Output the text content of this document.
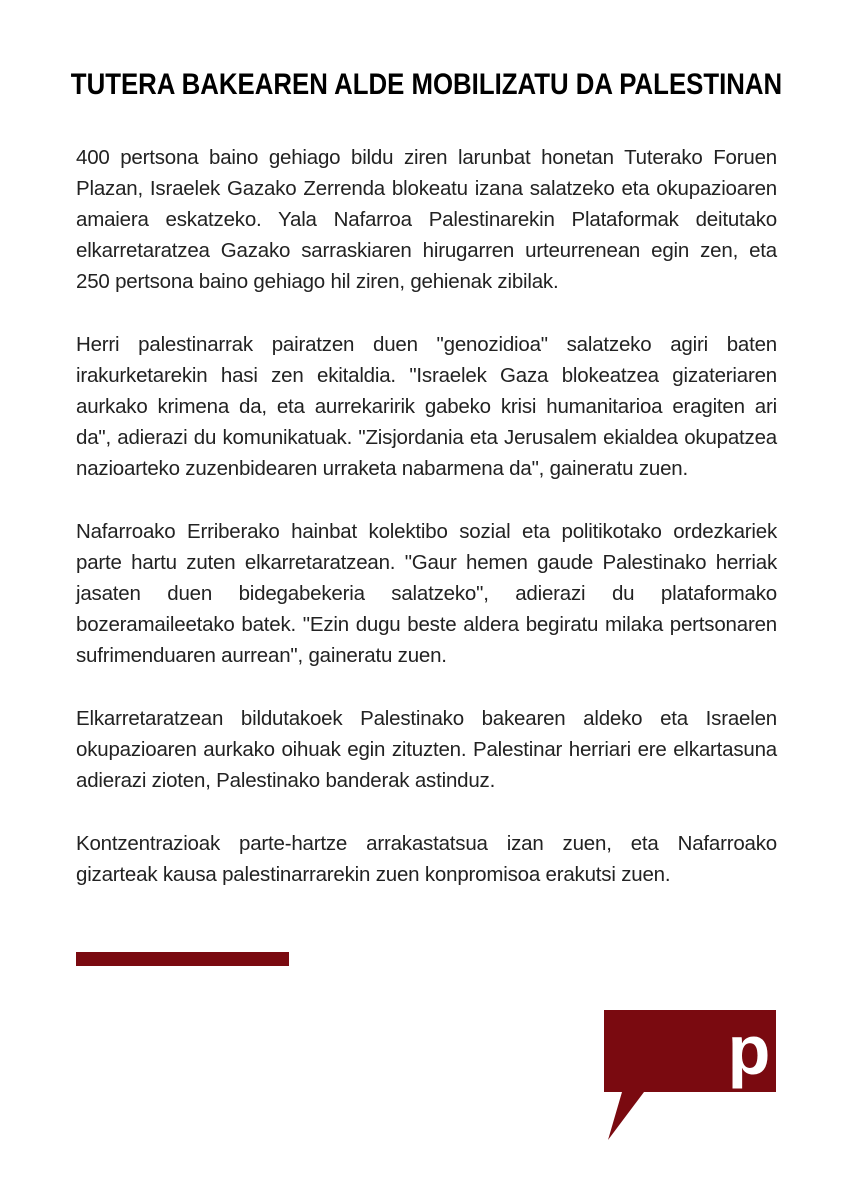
TUTERA BAKEAREN ALDE MOBILIZATU DA PALESTINAN

400 pertsona baino gehiago bildu ziren larunbat honetan Tuterako Foruen Plazan, Israelek Gazako Zerrenda blokeatu izana salatzeko eta okupazioaren amaiera eskatzeko. Yala Nafarroa Palestinarekin Plataformak deitutako elkarretaratzea Gazako sarraskiaren hirugarren urteurrenean egin zen, eta 250 pertsona baino gehiago hil ziren, gehienak zibilak.

Herri palestinarrak pairatzen duen "genozidioa" salatzeko agiri baten irakurketarekin hasi zen ekitaldia. "Israelek Gaza blokeatzea gizateriaren aurkako krimena da, eta aurrekaririk gabeko krisi humanitarioa eragiten ari da", adierazi du komunikatuak. "Zisjordania eta Jerusalem ekialdea okupatzea nazioarteko zuzenbidearen urraketa nabarmena da", gaineratu zuen.

Nafarroako Erriberako hainbat kolektibo sozial eta politikotako ordezkariek parte hartu zuten elkarretaratzean. "Gaur hemen gaude Palestinako herriak jasaten duen bidegabekeria salatzeko", adierazi du plataformako bozeramaileetako batek. "Ezin dugu beste aldera begiratu milaka pertsonaren sufrimenduaren aurrean", gaineratu zuen.

Elkarretaratzean bildutakoek Palestinako bakearen aldeko eta Israelen okupazioaren aurkako oihuak egin zituzten. Palestinar herriari ere elkartasuna adierazi zioten, Palestinako banderak astinduz.

Kontzentrazioak parte-hartze arrakastatsua izan zuen, eta Nafarroako gizarteak kausa palestinarrarekin zuen konpromisoa erakutsi zuen.

p
